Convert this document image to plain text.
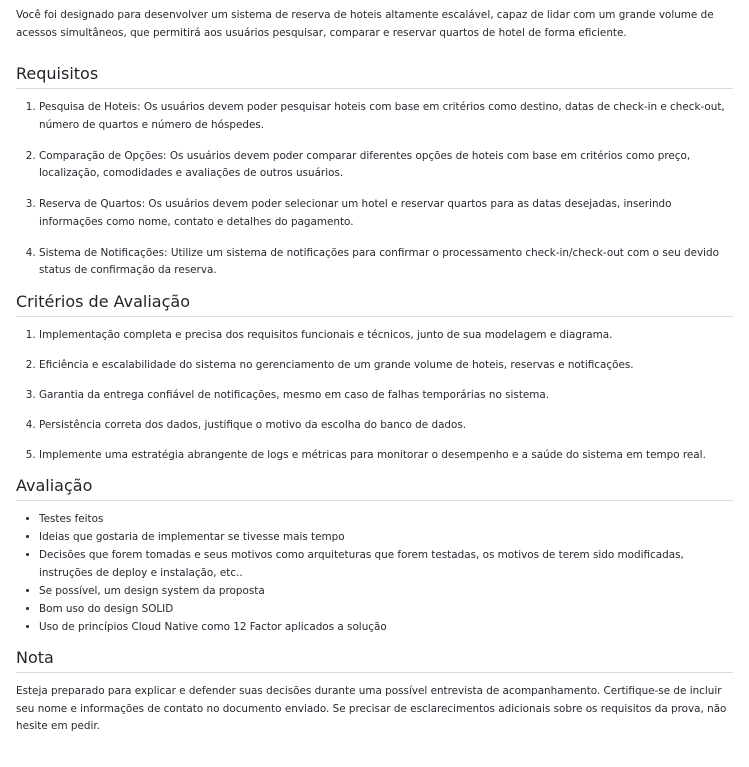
Você foi designado para desenvolver um sistema de reserva de hoteis altamente escalável, capaz de lidar com um grande volume de acessos simultâneos, que permitirá aos usuários pesquisar, comparar e reservar quartos de hotel de forma eficiente.

Requisitos
1. Pesquisa de Hoteis: Os usuários devem poder pesquisar hoteis com base em critérios como destino, datas de check-in e check-out, número de quartos e número de hóspedes.
2. Comparação de Opções: Os usuários devem poder comparar diferentes opções de hoteis com base em critérios como preço, localização, comodidades e avaliações de outros usuários.
3. Reserva de Quartos: Os usuários devem poder selecionar um hotel e reservar quartos para as datas desejadas, inserindo informações como nome, contato e detalhes do pagamento.
4. Sistema de Notificações: Utilize um sistema de notificações para confirmar o processamento check-in/check-out com o seu devido status de confirmação da reserva.
Critérios de Avaliação
1. Implementação completa e precisa dos requisitos funcionais e técnicos, junto de sua modelagem e diagrama.
2. Eficiência e escalabilidade do sistema no gerenciamento de um grande volume de hoteis, reservas e notificações.
3. Garantia da entrega confiável de notificações, mesmo em caso de falhas temporárias no sistema.
4. Persistência correta dos dados, justifique o motivo da escolha do banco de dados.
5. Implemente uma estratégia abrangente de logs e métricas para monitorar o desempenho e a saúde do sistema em tempo real.
Avaliação
• Testes feitos
• Ideias que gostaria de implementar se tivesse mais tempo
• Decisões que forem tomadas e seus motivos como arquiteturas que forem testadas, os motivos de terem sido modificadas, instruções de deploy e instalação, etc..
• Se possível, um design system da proposta
• Bom uso do design SOLID
• Uso de princípios Cloud Native como 12 Factor aplicados a solução
Nota

Esteja preparado para explicar e defender suas decisões durante uma possível entrevista de acompanhamento. Certifique-se de incluir seu nome e informações de contato no documento enviado. Se precisar de esclarecimentos adicionais sobre os requisitos da prova, não hesite em pedir.
